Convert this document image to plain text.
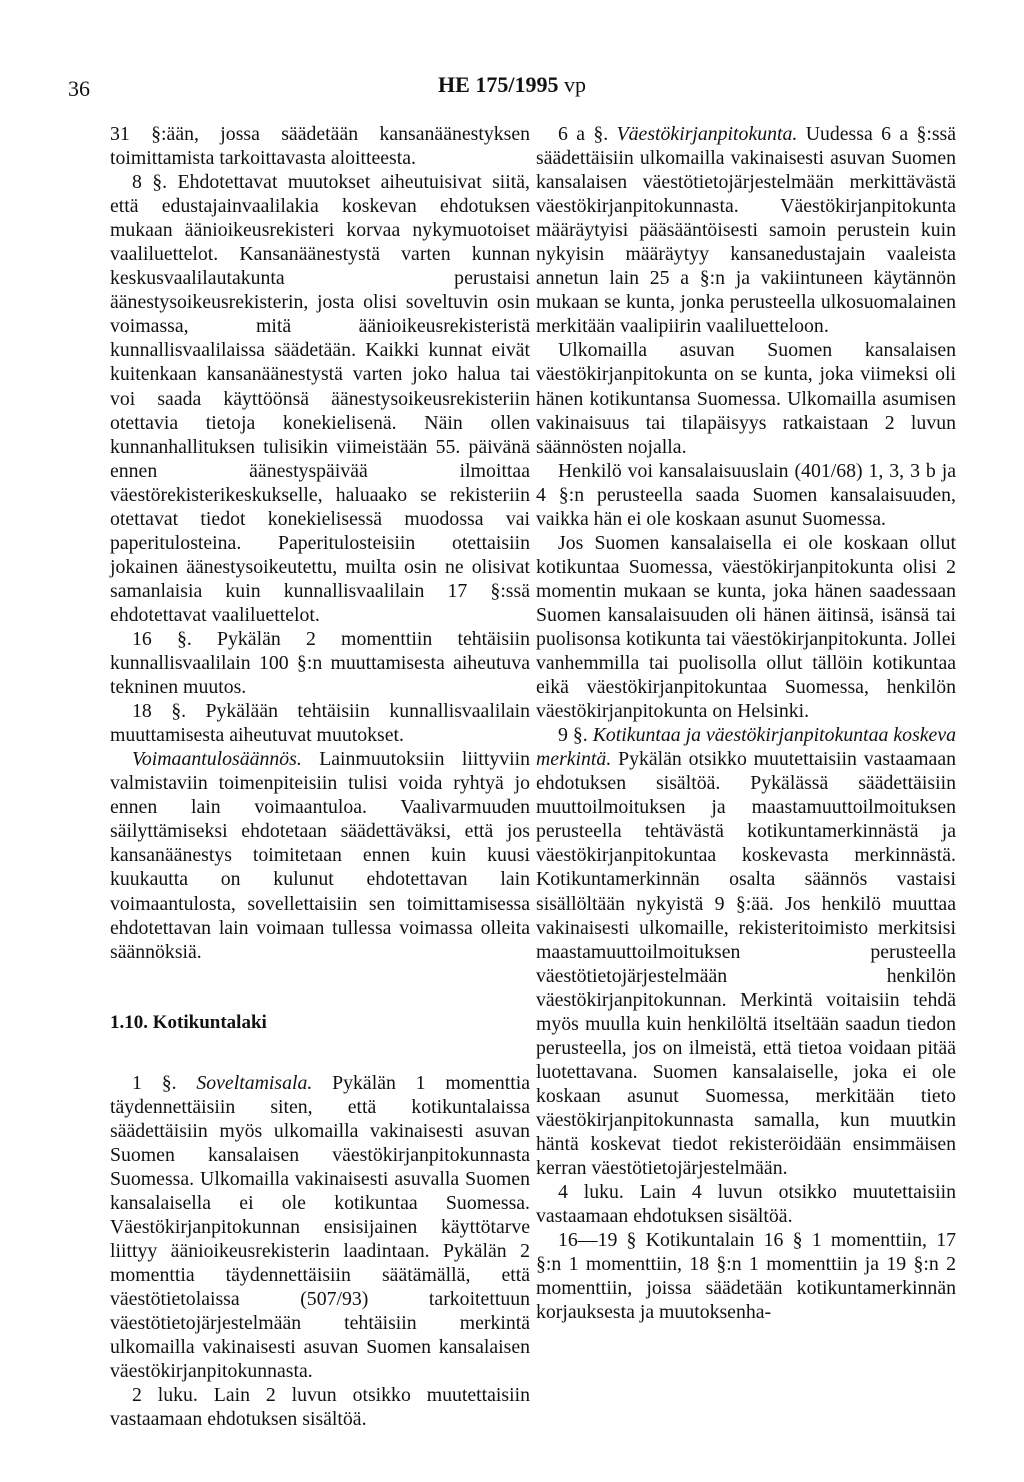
36	HE 175/1995 vp

31 §:ään, jossa säädetään kansanäänestyksen toimittamista tarkoittavasta aloitteesta.

8 §. Ehdotettavat muutokset aiheutuisivat siitä, että edustajainvaalilakia koskevan ehdotuksen mukaan äänioikeusrekisteri korvaa nykymuotoiset vaaliluettelot. Kansanäänestystä varten kunnan keskusvaalilautakunta perustaisi äänestysoikeusrekisterin, josta olisi soveltuvin osin voimassa, mitä äänioikeusrekisteristä kunnallisvaalilaissa säädetään. Kaikki kunnat eivät kuitenkaan kansanäänestystä varten joko halua tai voi saada käyttöönsä äänestysoikeusrekisteriin otettavia tietoja konekielisenä. Näin ollen kunnanhallituksen tulisikin viimeistään 55. päivänä ennen äänestyspäivää ilmoittaa väestörekisterikeskukselle, haluaako se rekisteriin otettavat tiedot konekielisessä muodossa vai paperitulosteina. Paperitulosteisiin otettaisiin jokainen äänestysoikeutettu, muilta osin ne olisivat samanlaisia kuin kunnallisvaalilain 17 §:ssä ehdotettavat vaaliluettelot.

16 §. Pykälän 2 momenttiin tehtäisiin kunnallisvaalilain 100 §:n muuttamisesta aiheutuva tekninen muutos.

18 §. Pykälään tehtäisiin kunnallisvaalilain muuttamisesta aiheutuvat muutokset.

Voimaantulosäännös. Lainmuutoksiin liittyviin valmistaviin toimenpiteisiin tulisi voida ryhtyä jo ennen lain voimaantuloa. Vaalivarmuuden säilyttämiseksi ehdotetaan säädettäväksi, että jos kansanäänestys toimitetaan ennen kuin kuusi kuukautta on kulunut ehdotettavan lain voimaantulosta, sovellettaisiin sen toimittamisessa ehdotettavan lain voimaan tullessa voimassa olleita säännöksiä.

1.10. Kotikuntalaki

1 §. Soveltamisala. Pykälän 1 momenttia täydennettäisiin siten, että kotikuntalaissa säädettäisiin myös ulkomailla vakinaisesti asuvan Suomen kansalaisen väestökirjanpitokunnasta Suomessa. Ulkomailla vakinaisesti asuvalla Suomen kansalaisella ei ole kotikuntaa Suomessa. Väestökirjanpitokunnan ensisijainen käyttötarve liittyy äänioikeusrekisterin laadintaan. Pykälän 2 momenttia täydennettäisiin säätämällä, että väestötietolaissa (507/93) tarkoitettuun väestötietojärjestelmään tehtäisiin merkintä ulkomailla vakinaisesti asuvan Suomen kansalaisen väestökirjanpitokunnasta.

2 luku. Lain 2 luvun otsikko muutettaisiin vastaamaan ehdotuksen sisältöä.

6 a §. Väestökirjanpitokunta. Uudessa 6 a §:ssä säädettäisiin ulkomailla vakinaisesti asuvan Suomen kansalaisen väestötietojärjestelmään merkittävästä väestökirjanpitokunnasta. Väestökirjanpitokunta määräytyisi pääsääntöisesti samoin perustein kuin nykyisin määräytyy kansanedustajain vaaleista annetun lain 25 a §:n ja vakiintuneen käytännön mukaan se kunta, jonka perusteella ulkosuomalainen merkitään vaalipiirin vaaliluetteloon.

Ulkomailla asuvan Suomen kansalaisen väestökirjanpitokunta on se kunta, joka viimeksi oli hänen kotikuntansa Suomessa. Ulkomailla asumisen vakinaisuus tai tilapäisyys ratkaistaan 2 luvun säännösten nojalla.

Henkilö voi kansalaisuuslain (401/68) 1, 3, 3 b ja 4 §:n perusteella saada Suomen kansalaisuuden, vaikka hän ei ole koskaan asunut Suomessa.

Jos Suomen kansalaisella ei ole koskaan ollut kotikuntaa Suomessa, väestökirjanpitokunta olisi 2 momentin mukaan se kunta, joka hänen saadessaan Suomen kansalaisuuden oli hänen äitinsä, isänsä tai puolisonsa kotikunta tai väestökirjanpitokunta. Jollei vanhemmilla tai puolisolla ollut tällöin kotikuntaa eikä väestökirjanpitokuntaa Suomessa, henkilön väestökirjanpitokunta on Helsinki.

9 §. Kotikuntaa ja väestökirjanpitokuntaa koskeva merkintä. Pykälän otsikko muutettaisiin vastaamaan ehdotuksen sisältöä. Pykälässä säädettäisiin muuttoilmoituksen ja maastamuuttoilmoituksen perusteella tehtävästä kotikuntamerkinnästä ja väestökirjanpitokuntaa koskevasta merkinnästä. Kotikuntamerkinnän osalta säännös vastaisi sisällöltään nykyistä 9 §:ää. Jos henkilö muuttaa vakinaisesti ulkomaille, rekisteritoimisto merkitsisi maastamuuttoilmoituksen perusteella väestötietojärjestelmään henkilön väestökirjanpitokunnan. Merkintä voitaisiin tehdä myös muulla kuin henkilöltä itseltään saadun tiedon perusteella, jos on ilmeistä, että tietoa voidaan pitää luotettavana. Suomen kansalaiselle, joka ei ole koskaan asunut Suomessa, merkitään tieto väestökirjanpitokunnasta samalla, kun muutkin häntä koskevat tiedot rekisteröidään ensimmäisen kerran väestötietojärjestelmään.

4 luku. Lain 4 luvun otsikko muutettaisiin vastaamaan ehdotuksen sisältöä.

16—19 § Kotikuntalain 16 § 1 momenttiin, 17 §:n 1 momenttiin, 18 §:n 1 momenttiin ja 19 §:n 2 momenttiin, joissa säädetään kotikuntamerkinnän korjauksesta ja muutoksenha-
